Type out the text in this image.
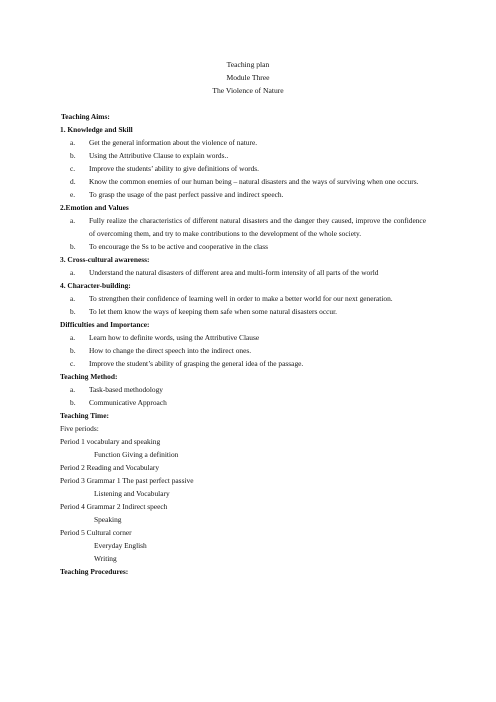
Teaching plan
Module Three
The Violence of Nature
Teaching Aims:
1. Knowledge and Skill
a.	Get the general information about the violence of nature.
b.	Using the Attributive Clause to explain words..
c.	Improve the students’ ability to give definitions of words.
d.	Know the common enemies of our human being – natural disasters and the ways of surviving when one occurs.
e.	To grasp the usage of the past perfect passive and indirect speech.
2.Emotion and Values
a.	Fully realize the characteristics of different natural disasters and the danger they caused, improve the confidence of overcoming them, and try to make contributions to the development of the whole society.
b.	To encourage the Ss to be active and cooperative in the class
3. Cross-cultural awareness:
a.	Understand the natural disasters of different area and multi-form intensity of all parts of the world
4. Character-building:
a.	To strengthen their confidence of learning well in order to make a better world for our next generation.
b.	To let them know the ways of keeping them safe when some natural disasters occur.
Difficulties and Importance:
a.	Learn how to definite words, using the Attributive Clause
b.	How to change the direct speech into the indirect ones.
c.	Improve the student’s ability of grasping the general idea of the passage.
Teaching Method:
a.	Task-based methodology
b.	Communicative Approach
Teaching Time:
Five periods:
Period 1 vocabulary and speaking
Function Giving a definition
Period 2 Reading and Vocabulary
Period 3 Grammar 1 The past perfect passive
Listening and Vocabulary
Period 4 Grammar 2 Indirect speech
Speaking
Period 5 Cultural corner
Everyday English
Writing
Teaching Procedures:
